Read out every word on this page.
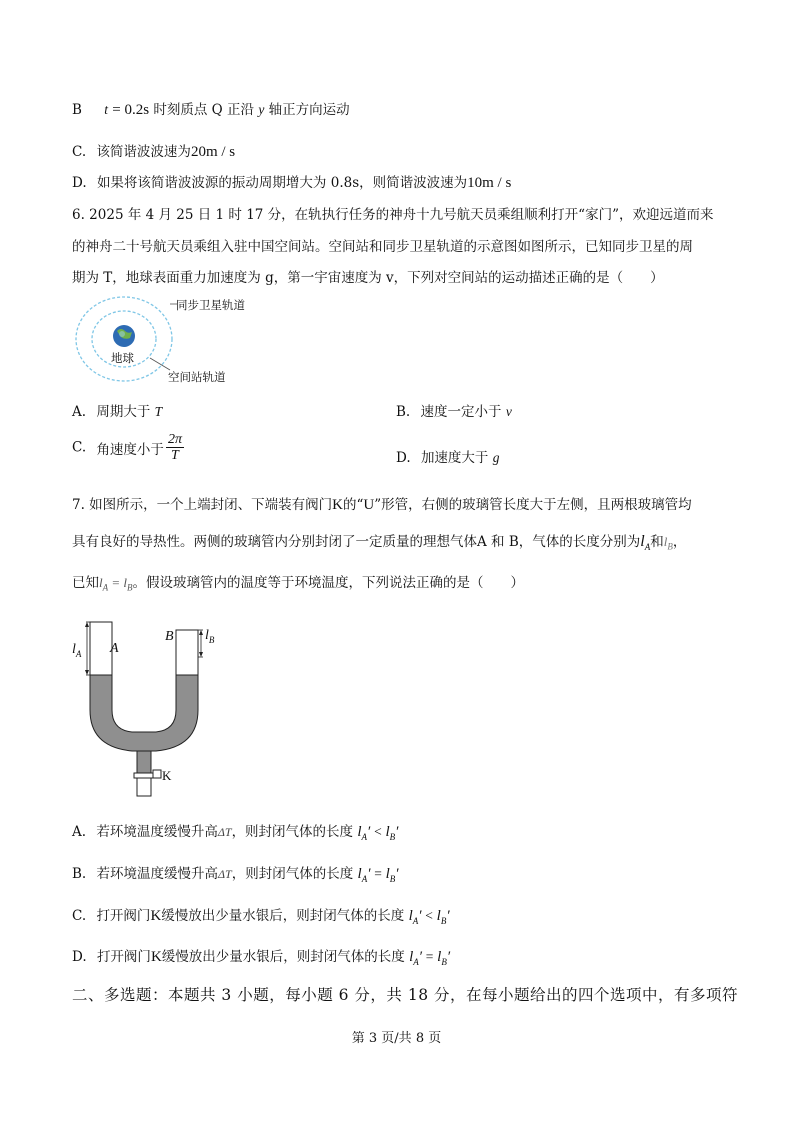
B t = 0.2s 时刻质点 Q 正沿 y 轴正方向运动
C. 该简谐波波速为20m / s
D. 如果将该简谐波波源的振动周期增大为 0.8s，则简谐波波速为10m / s
6. 2025 年 4 月 25 日 1 时 17 分，在轨执行任务的神舟十九号航天员乘组顺利打开“家门”，欢迎远道而来
的神舟二十号航天员乘组入驻中国空间站。空间站和同步卫星轨道的示意图如图所示，已知同步卫星的周
期为 T，地球表面重力加速度为 g，第一宇宙速度为 v，下列对空间站的运动描述正确的是（　　）
同步卫星轨道
地球
空间站轨道
A. 周期大于 T	B. 速度一定小于 v
C. 角速度小于 $\frac{2\pi}{T}$	D. 加速度大于 g
7. 如图所示，一个上端封闭、下端装有阀门K的“U”形管，右侧的玻璃管长度大于左侧，且两根玻璃管均
具有良好的导热性。两侧的玻璃管内分别封闭了一定质量的理想气体A 和 B，气体的长度分别为$l_A$和$l_B$，
已知$l_A = l_B$。假设玻璃管内的温度等于环境温度，下列说法正确的是（　　）
$l_A$ A
B $l_B$
K
A. 若环境温度缓慢升高ΔT，则封闭气体的长度 $l_A' < l_B'$
B. 若环境温度缓慢升高ΔT，则封闭气体的长度 $l_A' = l_B'$
C. 打开阀门K缓慢放出少量水银后，则封闭气体的长度 $l_A' < l_B'$
D. 打开阀门K缓慢放出少量水银后，则封闭气体的长度 $l_A' = l_B'$
二、多选题：本题共 3 小题，每小题 6 分，共 18 分，在每小题给出的四个选项中，有多项符
第 3 页/共 8 页
